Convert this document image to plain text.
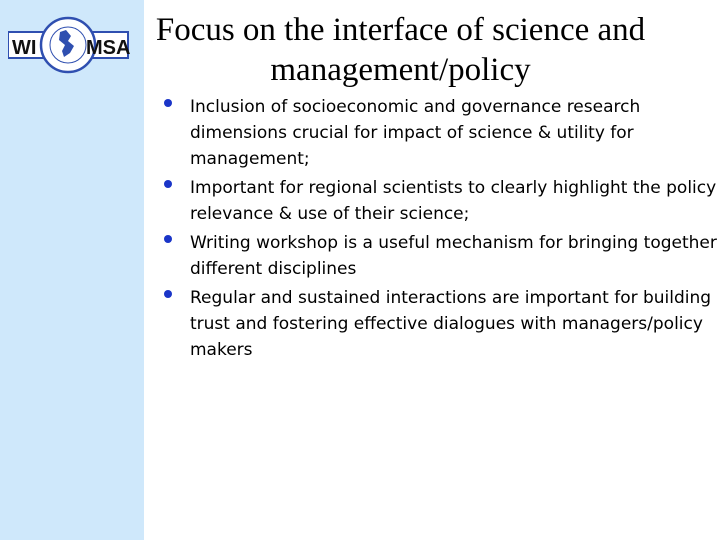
WI MSA Focus on the interface of science and
management/policy
Inclusion of socioeconomic and governance research dimensions crucial for impact of science & utility for management;
Important for regional scientists to clearly highlight the policy relevance & use of their science;
Writing workshop is a useful mechanism for bringing together different disciplines
Regular and sustained interactions are important for building trust and fostering effective dialogues with managers/policy makers
